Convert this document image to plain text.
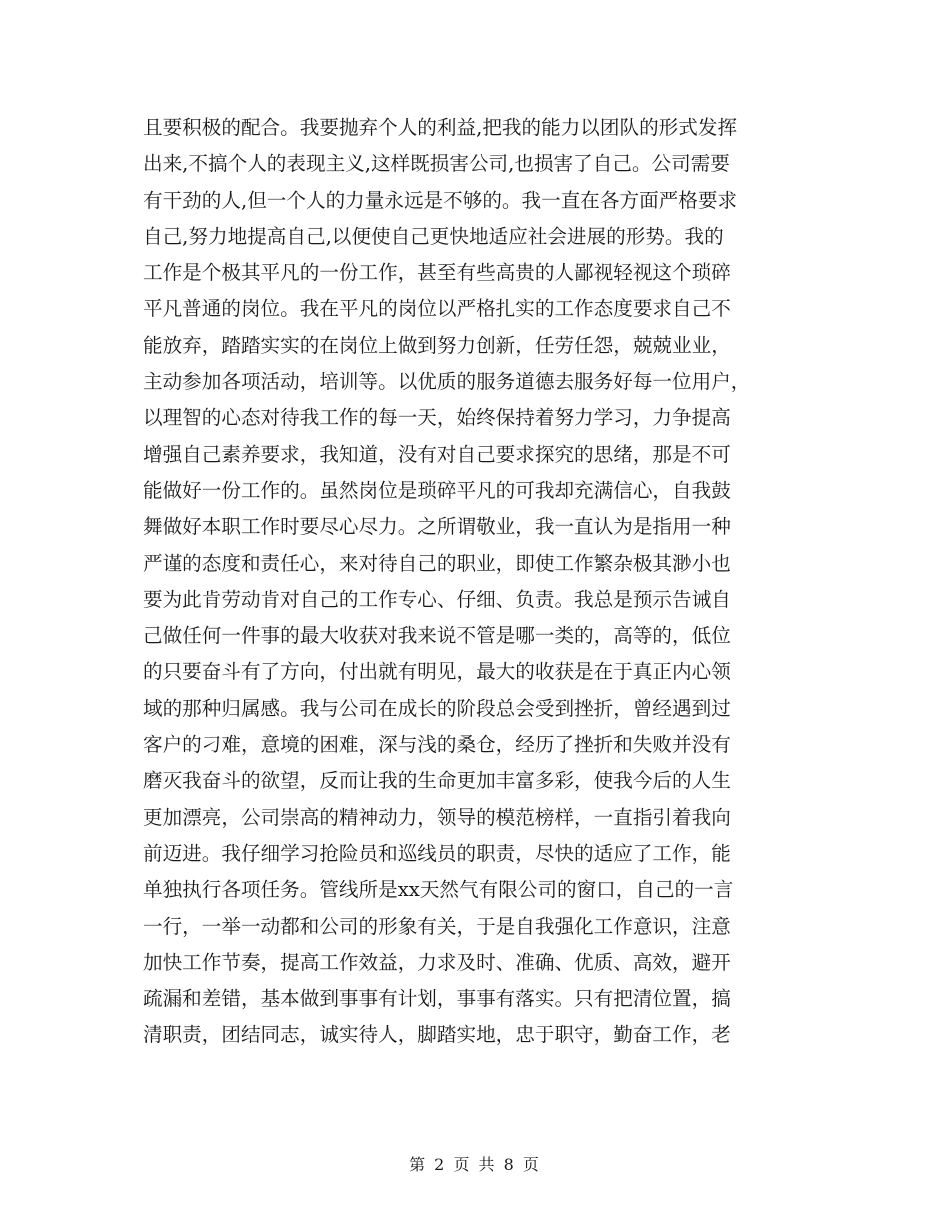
且要积极的配合。我要抛弃个人的利益,把我的能力以团队的形式发挥
出来,不搞个人的表现主义,这样既损害公司,也损害了自己。公司需要
有干劲的人,但一个人的力量永远是不够的。我一直在各方面严格要求
自己,努力地提高自己,以便使自己更快地适应社会进展的形势。我的
工作是个极其平凡的一份工作，甚至有些高贵的人鄙视轻视这个琐碎
平凡普通的岗位。我在平凡的岗位以严格扎实的工作态度要求自己不
能放弃，踏踏实实的在岗位上做到努力创新，任劳任怨，兢兢业业，
主动参加各项活动，培训等。以优质的服务道德去服务好每一位用户，
以理智的心态对待我工作的每一天，始终保持着努力学习，力争提高
增强自己素养要求，我知道，没有对自己要求探究的思绪，那是不可
能做好一份工作的。虽然岗位是琐碎平凡的可我却充满信心，自我鼓
舞做好本职工作时要尽心尽力。之所谓敬业，我一直认为是指用一种
严谨的态度和责任心，来对待自己的职业，即使工作繁杂极其渺小也
要为此肯劳动肯对自己的工作专心、仔细、负责。我总是预示告诫自
己做任何一件事的最大收获对我来说不管是哪一类的，高等的，低位
的只要奋斗有了方向，付出就有明见，最大的收获是在于真正内心领
域的那种归属感。我与公司在成长的阶段总会受到挫折，曾经遇到过
客户的刁难，意境的困难，深与浅的桑仓，经历了挫折和失败并没有
磨灭我奋斗的欲望，反而让我的生命更加丰富多彩，使我今后的人生
更加漂亮，公司崇高的精神动力，领导的模范榜样，一直指引着我向
前迈进。我仔细学习抢险员和巡线员的职责，尽快的适应了工作，能
单独执行各项任务。管线所是xx天然气有限公司的窗口，自己的一言
一行，一举一动都和公司的形象有关，于是自我强化工作意识，注意
加快工作节奏，提高工作效益，力求及时、准确、优质、高效，避开
疏漏和差错，基本做到事事有计划，事事有落实。只有把清位置，搞
清职责，团结同志，诚实待人，脚踏实地，忠于职守，勤奋工作，老
第 2 页 共 8 页
